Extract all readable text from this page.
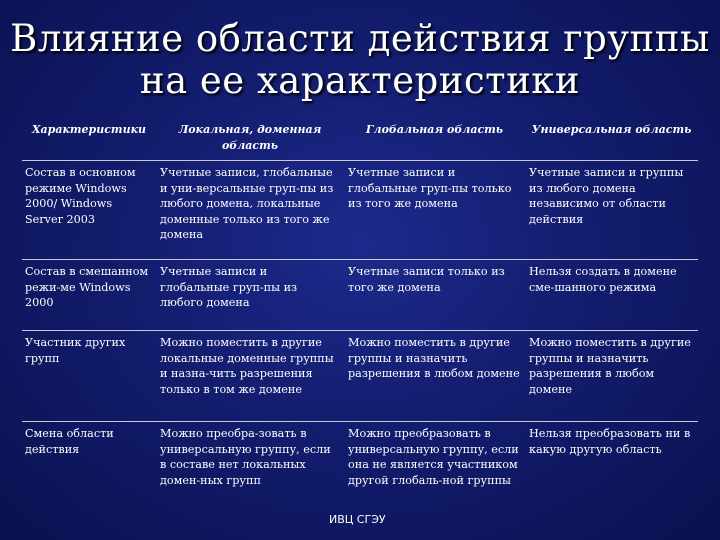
Влияние области действия группы
на ее характеристики
Характеристики	Локальная, доменная область	Глобальная область	Универсальная область
Состав в основном режиме Windows 2000/ Windows Server 2003	Учетные записи, глобальные и уни-версальные груп-пы из любого домена, локальные доменные только из того же домена	Учетные записи и глобальные груп-пы только из того же домена	Учетные записи и группы из любого домена независимо от области действия
Состав в смешанном режи-ме Windows 2000	Учетные записи и глобальные груп-пы из любого домена	Учетные записи только из того же домена	Нельзя создать в домене сме-шанного режима
Участник других групп	Можно поместить в другие локальные доменные группы и назна-чить разрешения только в том же домене	Можно поместить в другие группы и назначить разрешения в любом домене	Можно поместить в другие группы и назначить разрешения в любом домене
Смена области действия	Можно преобра-зовать в универсальную группу, если в составе нет локальных домен-ных групп	Можно преобразовать в универсальную группу, если она не является участником другой глобаль-ной группы	Нельзя преобразовать ни в какую другую область
ИВЦ СГЭУ
